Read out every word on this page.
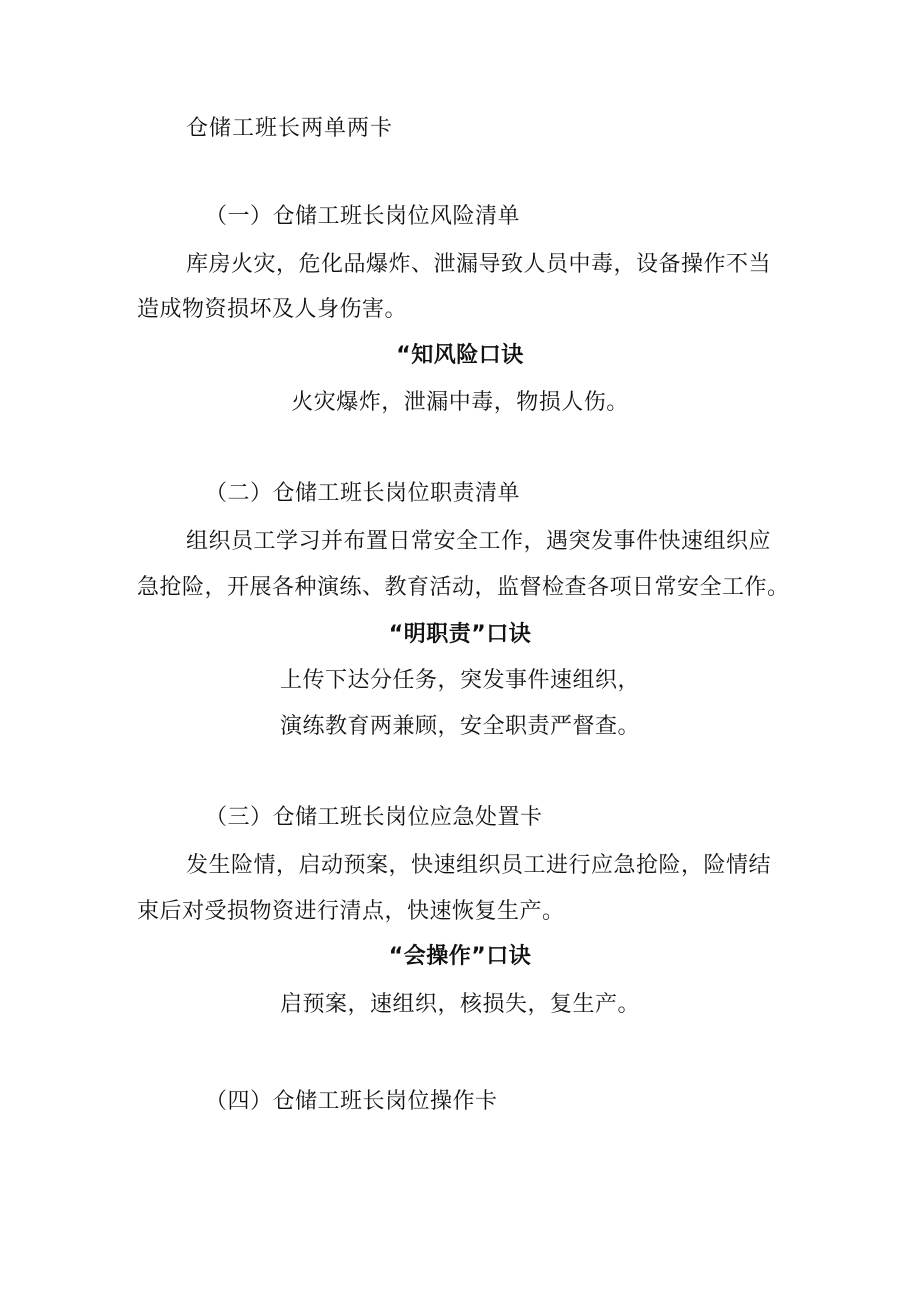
仓储工班长两单两卡
（一）仓储工班长岗位风险清单
库房火灾，危化品爆炸、泄漏导致人员中毒，设备操作不当
造成物资损坏及人身伤害。
“知风险口诀
火灾爆炸，泄漏中毒，物损人伤。
（二）仓储工班长岗位职责清单
组织员工学习并布置日常安全工作，遇突发事件快速组织应
急抢险，开展各种演练、教育活动，监督检查各项日常安全工作。
“明职责”口诀
上传下达分任务，突发事件速组织，
演练教育两兼顾，安全职责严督查。
（三）仓储工班长岗位应急处置卡
发生险情，启动预案，快速组织员工进行应急抢险，险情结
束后对受损物资进行清点，快速恢复生产。
“会操作”口诀
启预案，速组织，核损失，复生产。
（四）仓储工班长岗位操作卡
